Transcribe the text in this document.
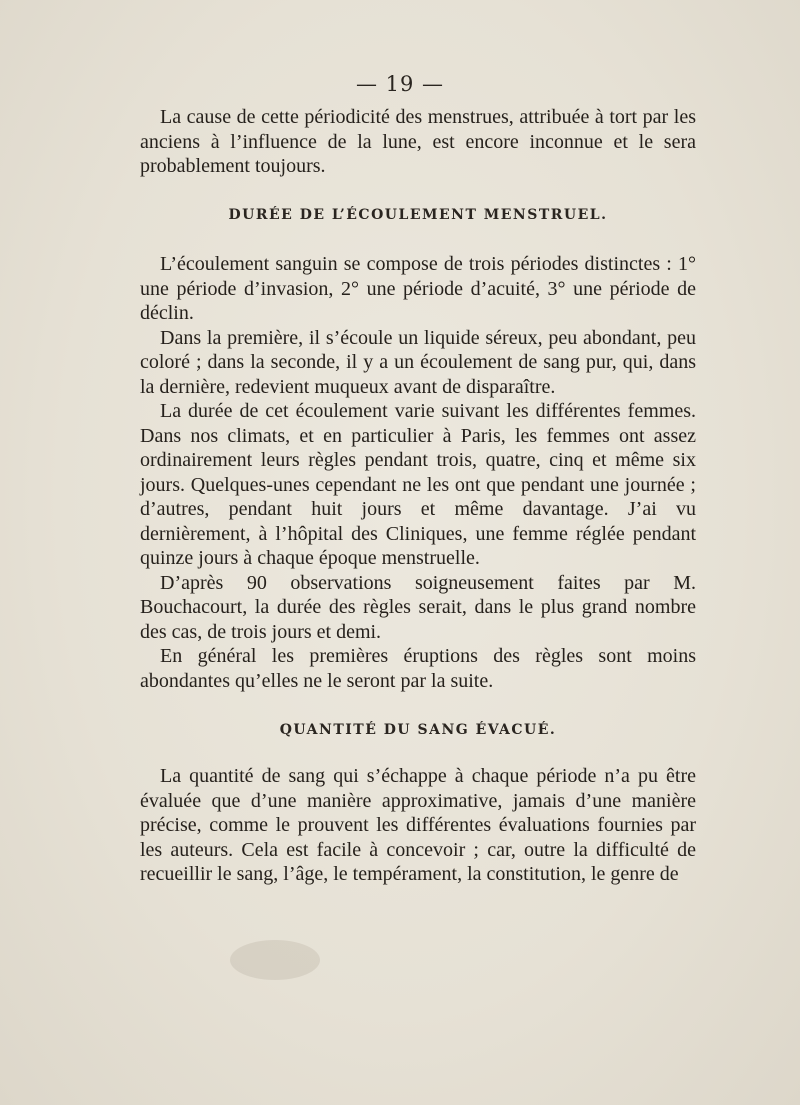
— 19 —

La cause de cette périodicité des menstrues, attribuée à tort par les anciens à l’influence de la lune, est encore inconnue et le sera probablement toujours.

DURÉE DE L’ÉCOULEMENT MENSTRUEL.

L’écoulement sanguin se compose de trois périodes distinctes : 1° une période d’invasion, 2° une période d’acuité, 3° une période de déclin.

Dans la première, il s’écoule un liquide séreux, peu abondant, peu coloré ; dans la seconde, il y a un écoulement de sang pur, qui, dans la dernière, redevient muqueux avant de disparaître.

La durée de cet écoulement varie suivant les différentes femmes. Dans nos climats, et en particulier à Paris, les femmes ont assez ordinairement leurs règles pendant trois, quatre, cinq et même six jours. Quelques-unes cependant ne les ont que pendant une journée ; d’autres, pendant huit jours et même davantage. J’ai vu dernièrement, à l’hôpital des Cliniques, une femme réglée pendant quinze jours à chaque époque menstruelle.

D’après 90 observations soigneusement faites par M. Bouchacourt, la durée des règles serait, dans le plus grand nombre des cas, de trois jours et demi.

En général les premières éruptions des règles sont moins abondantes qu’elles ne le seront par la suite.

QUANTITÉ DU SANG ÉVACUÉ.

La quantité de sang qui s’échappe à chaque période n’a pu être évaluée que d’une manière approximative, jamais d’une manière précise, comme le prouvent les différentes évaluations fournies par les auteurs. Cela est facile à concevoir ; car, outre la difficulté de recueillir le sang, l’âge, le tempérament, la constitution, le genre de
